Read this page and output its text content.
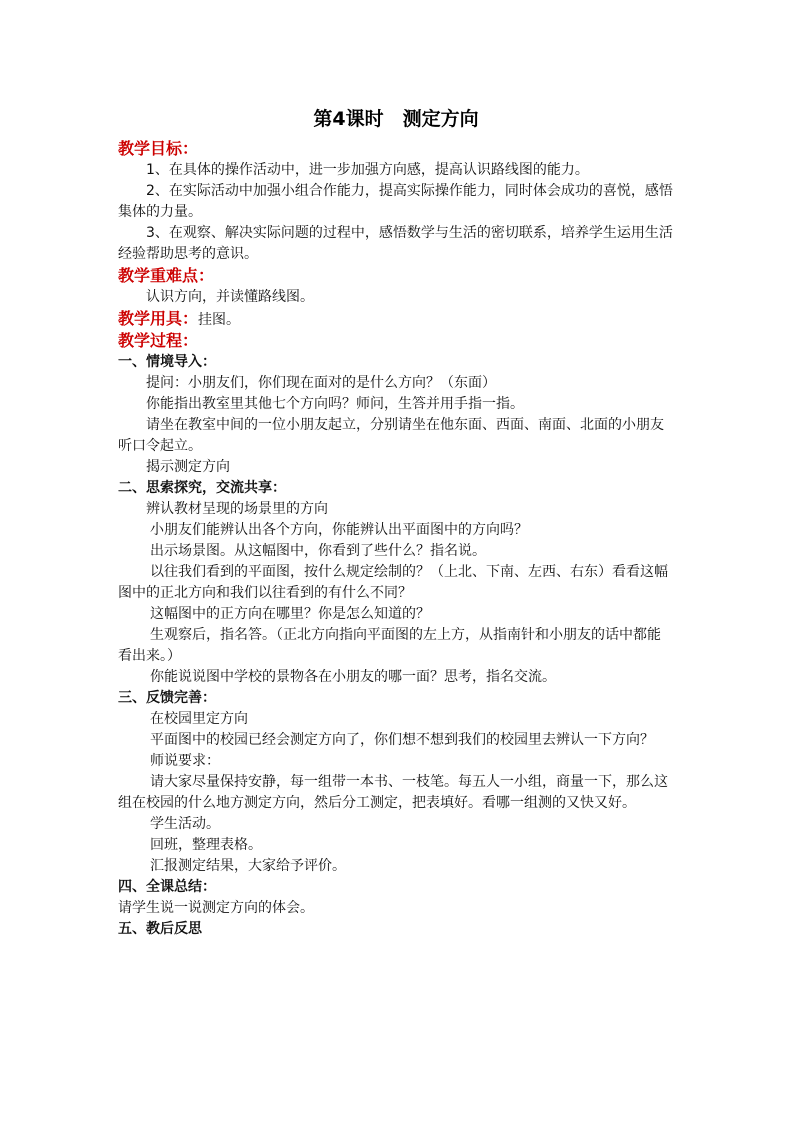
第4课时　测定方向
教学目标：

1、在具体的操作活动中，进一步加强方向感，提高认识路线图的能力。

2、在实际活动中加强小组合作能力，提高实际操作能力，同时体会成功的喜悦，感悟集体的力量。

3、在观察、解决实际问题的过程中，感悟数学与生活的密切联系，培养学生运用生活经验帮助思考的意识。

教学重难点：

认识方向，并读懂路线图。

教学用具：挂图。
教学过程：
一、情境导入：

提问：小朋友们，你们现在面对的是什么方向？（东面）

你能指出教室里其他七个方向吗？师问，生答并用手指一指。

请坐在教室中间的一位小朋友起立，分别请坐在他东面、西面、南面、北面的小朋友听口令起立。

揭示测定方向

二、思索探究，交流共享：

辨认教材呈现的场景里的方向

小朋友们能辨认出各个方向，你能辨认出平面图中的方向吗？

出示场景图。从这幅图中，你看到了些什么？指名说。

以往我们看到的平面图，按什么规定绘制的？（上北、下南、左西、右东）看看这幅图中的正北方向和我们以往看到的有什么不同？

这幅图中的正方向在哪里？你是怎么知道的？

生观察后，指名答。（正北方向指向平面图的左上方，从指南针和小朋友的话中都能看出来。）

你能说说图中学校的景物各在小朋友的哪一面？思考，指名交流。

三、反馈完善：

在校园里定方向

平面图中的校园已经会测定方向了，你们想不想到我们的校园里去辨认一下方向？

师说要求：

请大家尽量保持安静，每一组带一本书、一枝笔。每五人一小组，商量一下，那么这组在校园的什么地方测定方向，然后分工测定，把表填好。看哪一组测的又快又好。

学生活动。

回班，整理表格。

汇报测定结果，大家给予评价。

四、全课总结：

请学生说一说测定方向的体会。

五、教后反思
